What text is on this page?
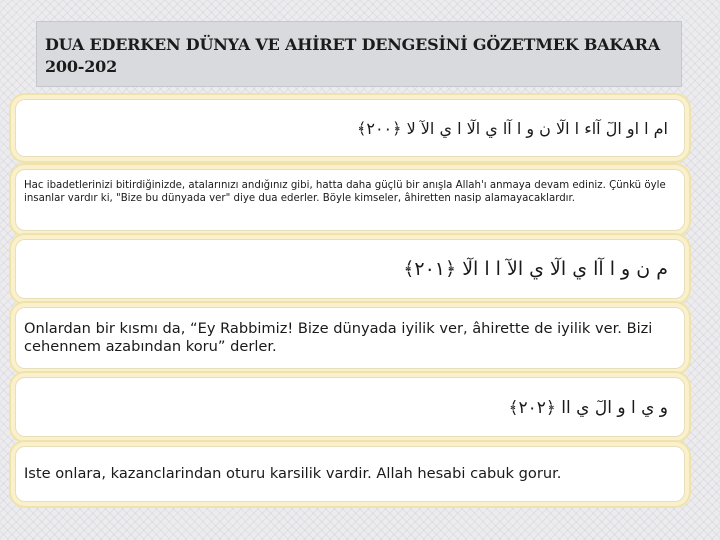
DUA EDERKEN DÜNYA VE AHİRET DENGESİNİ GÖZETMEK BAKARA 200-202
ام ا او الٓ آاء ا الٓا ن و ا آا ي الٓا ا ي الآ لا ﴿٢٠٠﴾
Hac ibadetlerinizi bitirdiğinizde, atalarınızı andığınız gibi, hatta daha güçlü bir anışla Allah'ı anmaya devam ediniz. Çünkü öyle insanlar vardır ki, "Bize bu dünyada ver" diye dua ederler. Böyle kimseler, âhiretten nasip alamayacaklardır.
م ن و ا آا ي الٓا ي الآ ا ا الٓا ﴿٢٠١﴾
Onlardan bir kısmı da, “Ey Rabbimiz! Bize dünyada iyilik ver, âhirette de iyilik ver. Bizi cehennem azabından koru” derler.
و ي ا و الٓ ي اا ﴿٢٠٢﴾
Iste onlara, kazanclarindan oturu karsilik vardir. Allah hesabi cabuk gorur.
